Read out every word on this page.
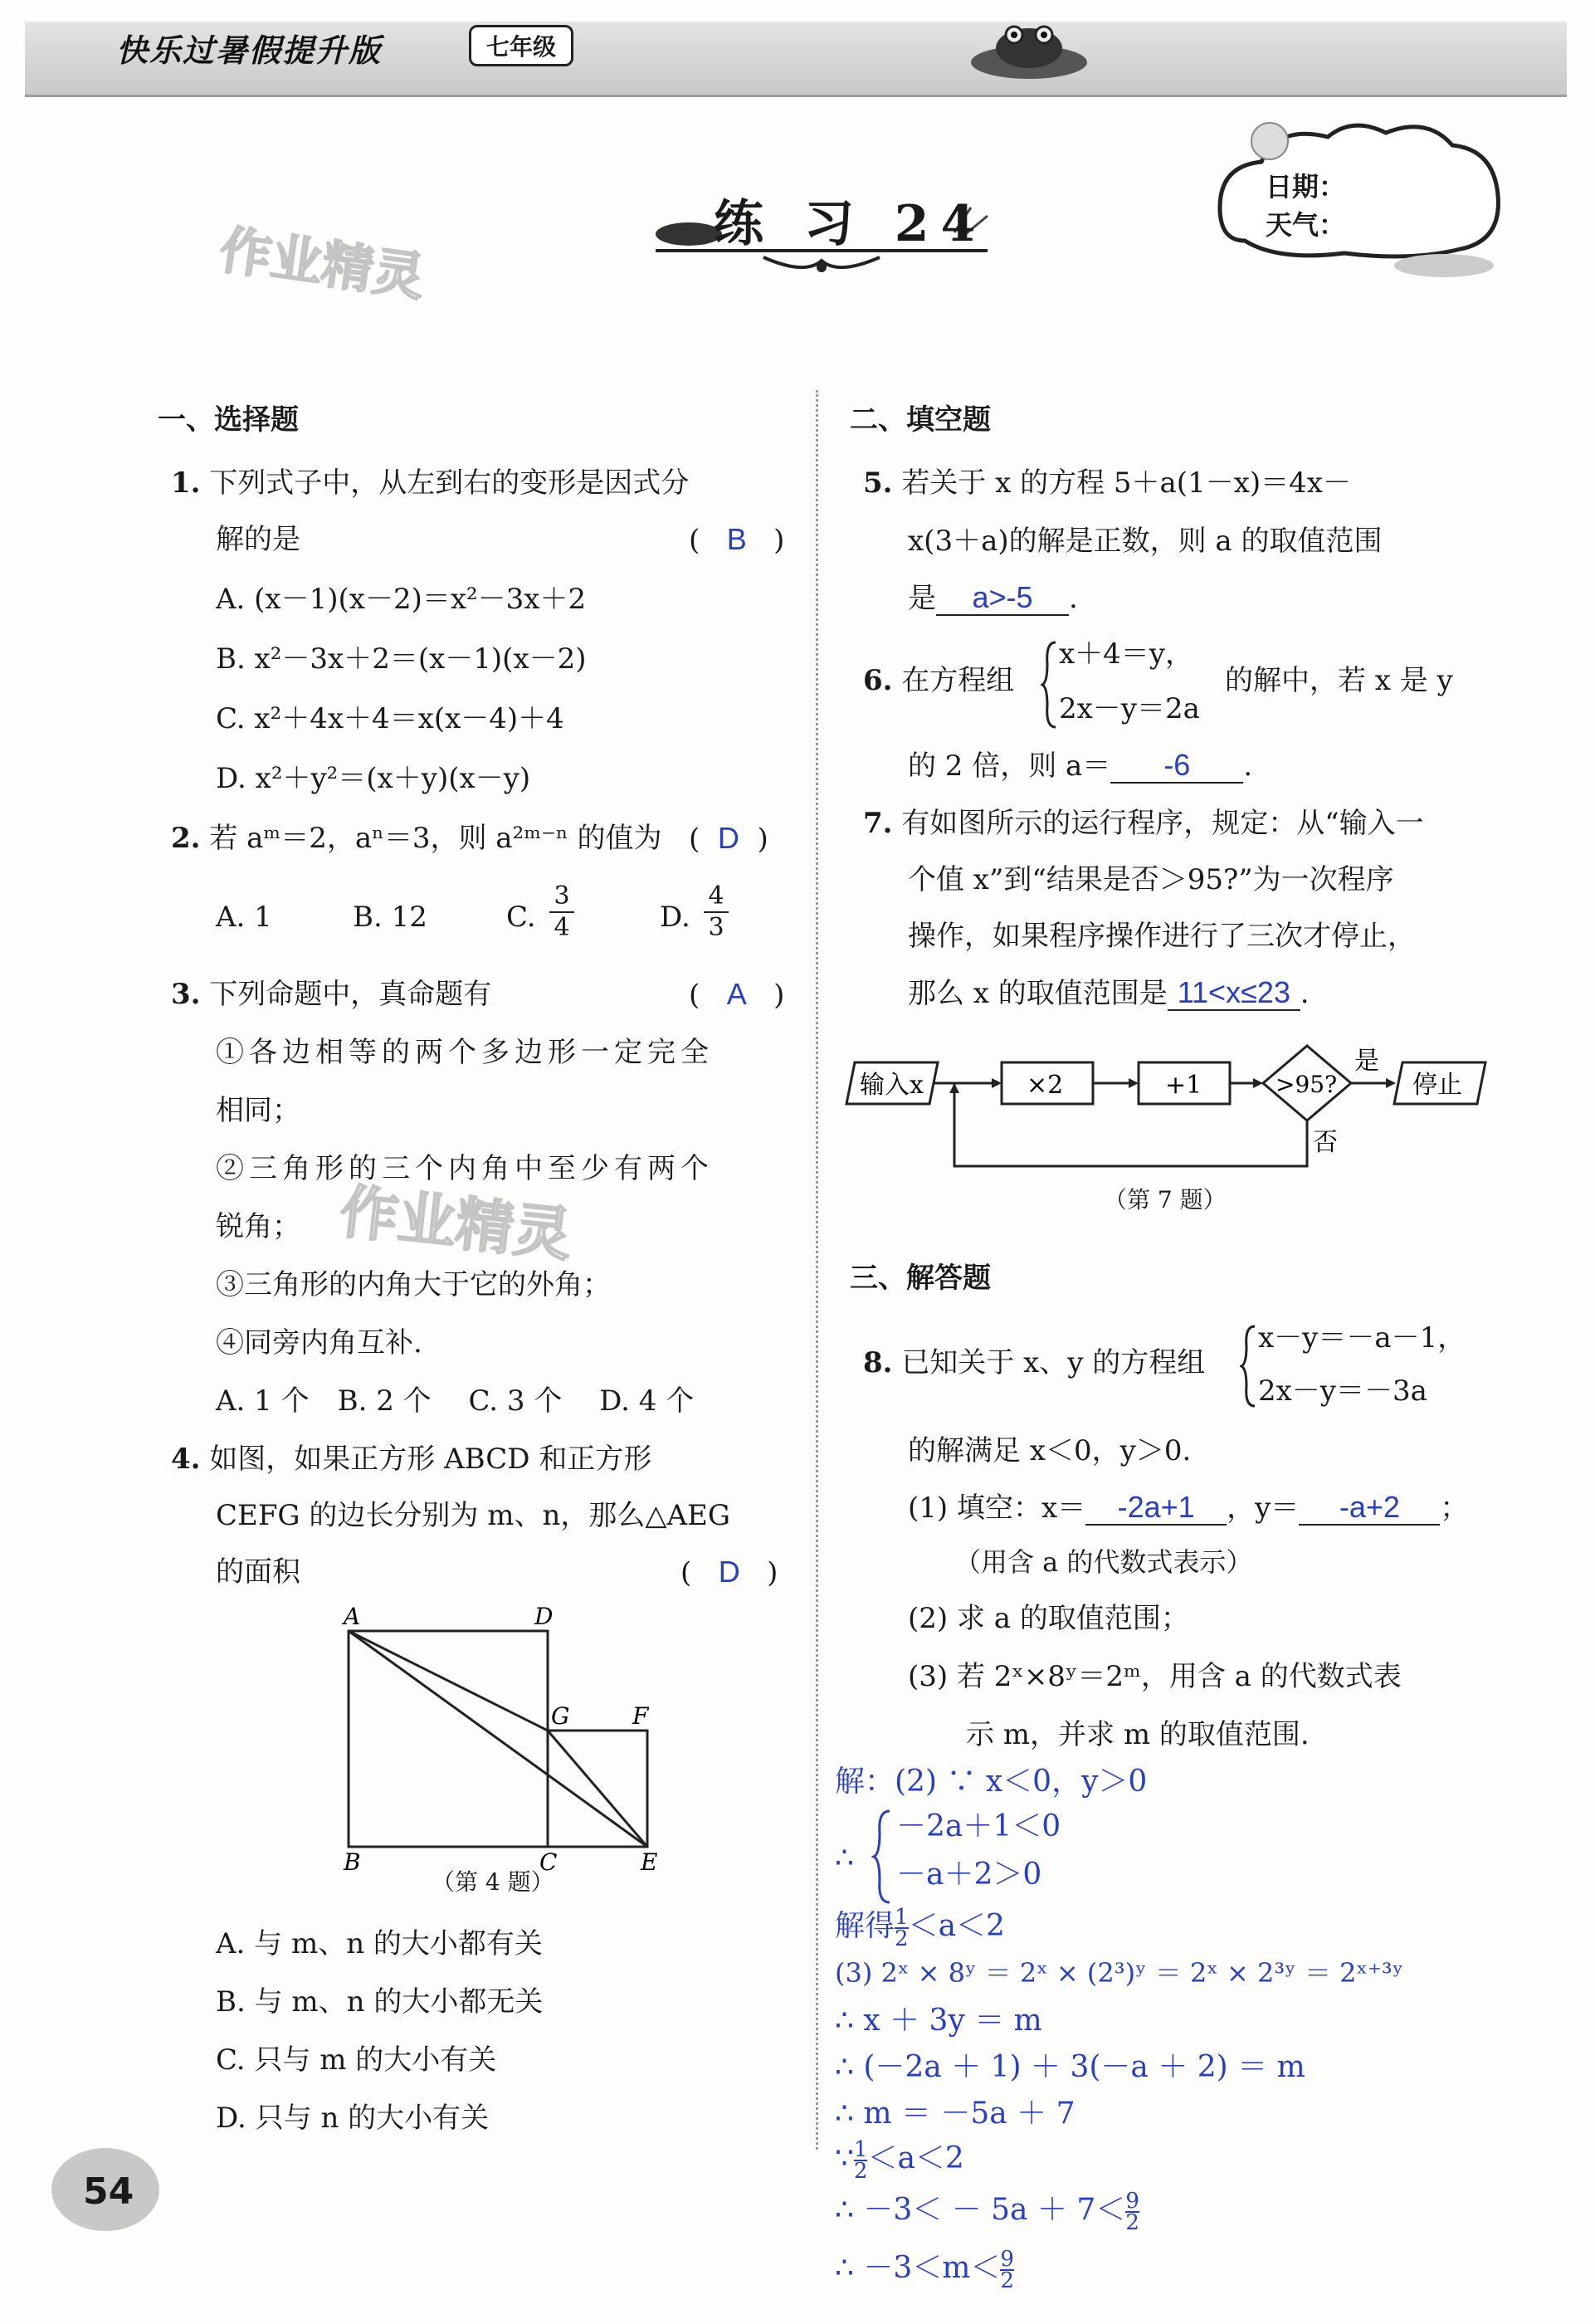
快乐过暑假提升版	七年级
练 习 24
日期：
天气：
作业精灵
作业精灵
一、选择题
1. 下列式子中，从左到右的变形是因式分
解的是	( B )
A. (x－1)(x－2)＝x²－3x＋2
B. x²－3x＋2＝(x－1)(x－2)
C. x²＋4x＋4＝x(x－4)＋4
D. x²＋y²＝(x＋y)(x－y)
2. 若 aᵐ＝2，aⁿ＝3，则 a²ᵐ⁻ⁿ 的值为 ( D )
A. 1	B. 12	C.
3
4	D.
4
3
3. 下列命题中，真命题有	( A )
①各边相等的两个多边形一定完全
相同；
②三角形的三个内角中至少有两个
锐角；
③三角形的内角大于它的外角；
④同旁内角互补.
A. 1 个　B. 2 个　 C. 3 个　 D. 4 个
4. 如图，如果正方形 ABCD 和正方形
CEFG 的边长分别为 m、n，那么△AEG
的面积	( D )
A	D
G	F
B	C	E
（第 4 题）
A. 与 m、n 的大小都有关
B. 与 m、n 的大小都无关
C. 只与 m 的大小有关
D. 只与 n 的大小有关
二、填空题
5. 若关于 x 的方程 5＋a(1－x)＝4x－
x(3＋a)的解是正数，则 a 的取值范围
是 a>-5 .
6. 在方程组
x＋4＝y，
2x－y＝2a
的解中，若 x 是 y
的 2 倍，则 a＝ -6 .
7. 有如图所示的运行程序，规定：从“输入一
个值 x”到“结果是否＞95?”为一次程序
操作，如果程序操作进行了三次才停止，
那么 x 的取值范围是 11<x≤23 .
输入x	×2	+1	>95?
是
停止
否
（第 7 题）
三、解答题
8. 已知关于 x、y 的方程组
x－y＝－a－1，
2x－y＝－3a
的解满足 x＜0，y＞0.
(1) 填空：x＝ -2a+1 ，y＝ -a+2 ；
（用含 a 的代数式表示）
(2) 求 a 的取值范围；
(3) 若 2ˣ×8ʸ＝2ᵐ，用含 a 的代数式表
示 m，并求 m 的取值范围.
解：(2) ∵ x＜0，y＞0
∴
－2a＋1＜0
－a＋2＞0
解得 $\frac{1}{2} <a<2$
(3) 2ˣ × 8ʸ ＝ 2ˣ × (2³)ʸ ＝ 2ˣ × 2³ʸ ＝ 2ˣ⁺³ʸ
∴ x ＋ 3y ＝ m
∴ (－2a ＋ 1) ＋ 3(－a ＋ 2) ＝ m
∴ m ＝ －5a ＋ 7
∵ $\frac{1}{2} <a<2$
∴ $-3< - 5a + 7< \frac{9}{2}$
∴ $-3<m< \frac{9}{2}$
54
